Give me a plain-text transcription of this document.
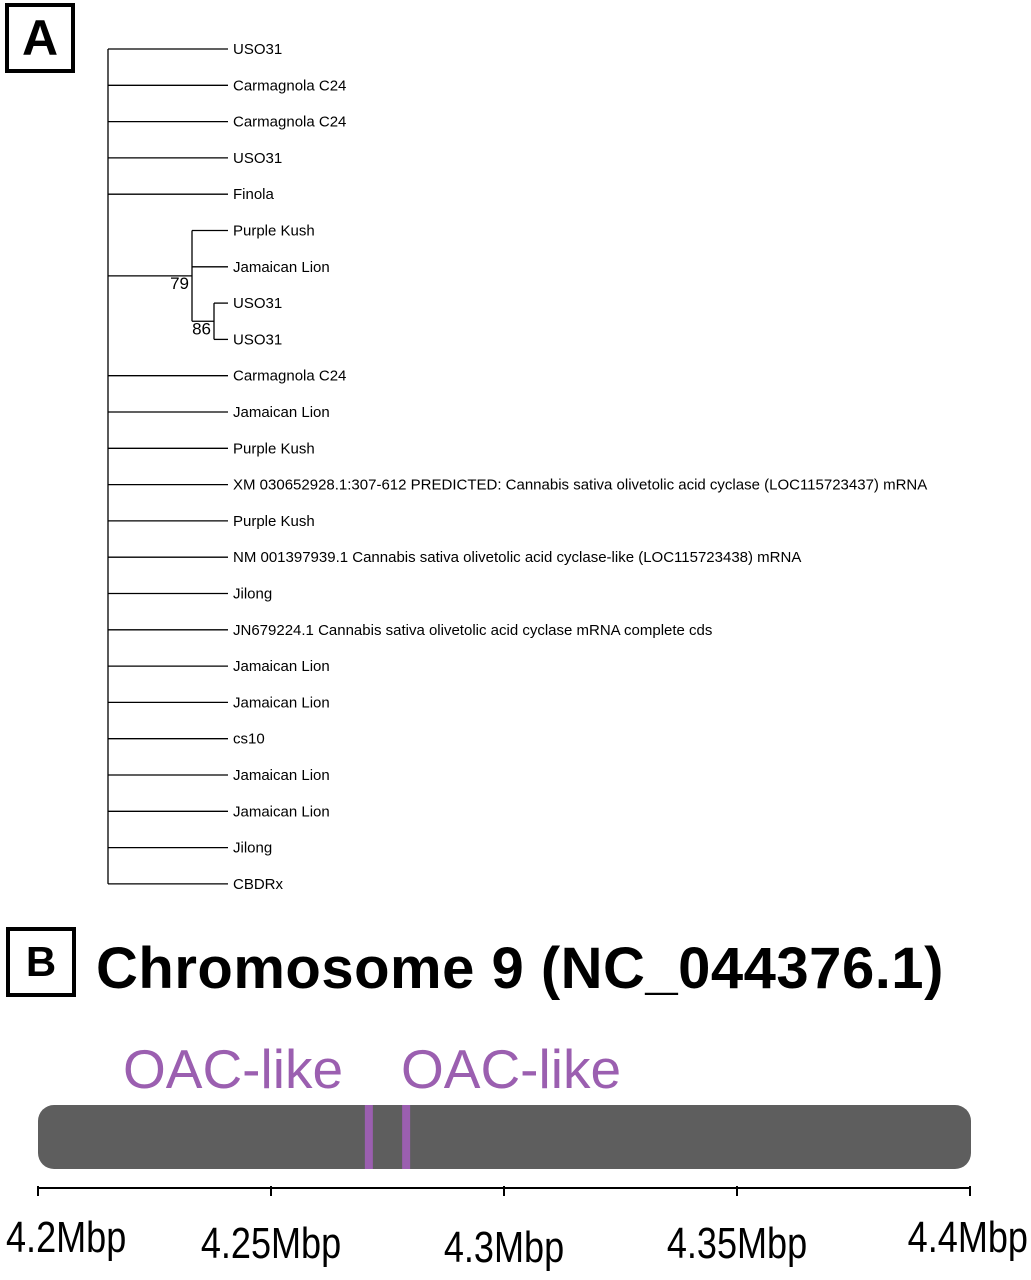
A	USO31
Carmagnola C24
Carmagnola C24
USO31
Finola
Purple Kush
Jamaican Lion
USO31
USO31
Carmagnola C24
Jamaican Lion
Purple Kush
XM 030652928.1:307-612 PREDICTED: Cannabis sativa olivetolic acid cyclase (LOC115723437) mRNA
Purple Kush
NM 001397939.1 Cannabis sativa olivetolic acid cyclase-like (LOC115723438) mRNA
Jilong
JN679224.1 Cannabis sativa olivetolic acid cyclase mRNA complete cds
Jamaican Lion
Jamaican Lion
cs10
Jamaican Lion
Jamaican Lion
Jilong
CBDRx
79
86
B Chromosome 9 (NC_044376.1)
OAC-like OAC-like
4.2Mbp 4.25Mbp 4.3Mbp 4.35Mbp 4.4Mbp
